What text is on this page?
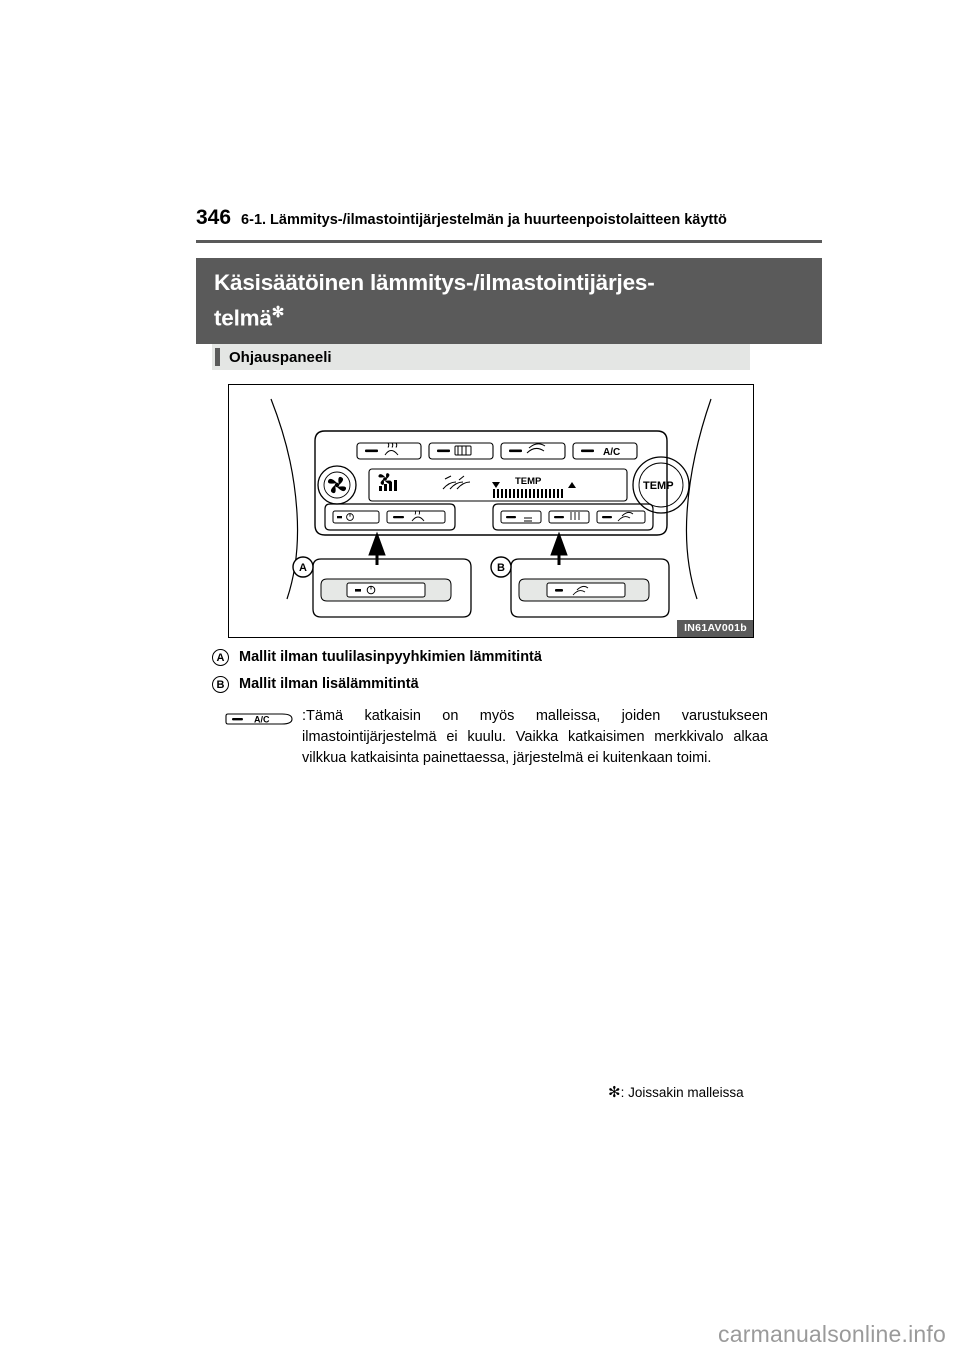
346 6-1. Lämmitys-/ilmastointijärjestelmän ja huurteenpoistolaitteen käyttö
Käsisäätöinen lämmitys-/ilmastointijärjes-
telmä✻
Ohjauspaneeli
A/C
TEMP	TEMP
A	B
IN61AV001b
A	Mallit ilman tuulilasinpyyhkimien lämmitintä
B	Mallit ilman lisälämmitintä
A/C :Tämä katkaisin on myös malleissa, joiden varustukseen ilmastointijärjestelmä ei kuulu. Vaikka katkaisimen merkkivalo alkaa vilkkua katkaisinta painettaessa, järjestelmä ei kuitenkaan toimi.
✻: Joissakin malleissa
carmanualsonline.info
